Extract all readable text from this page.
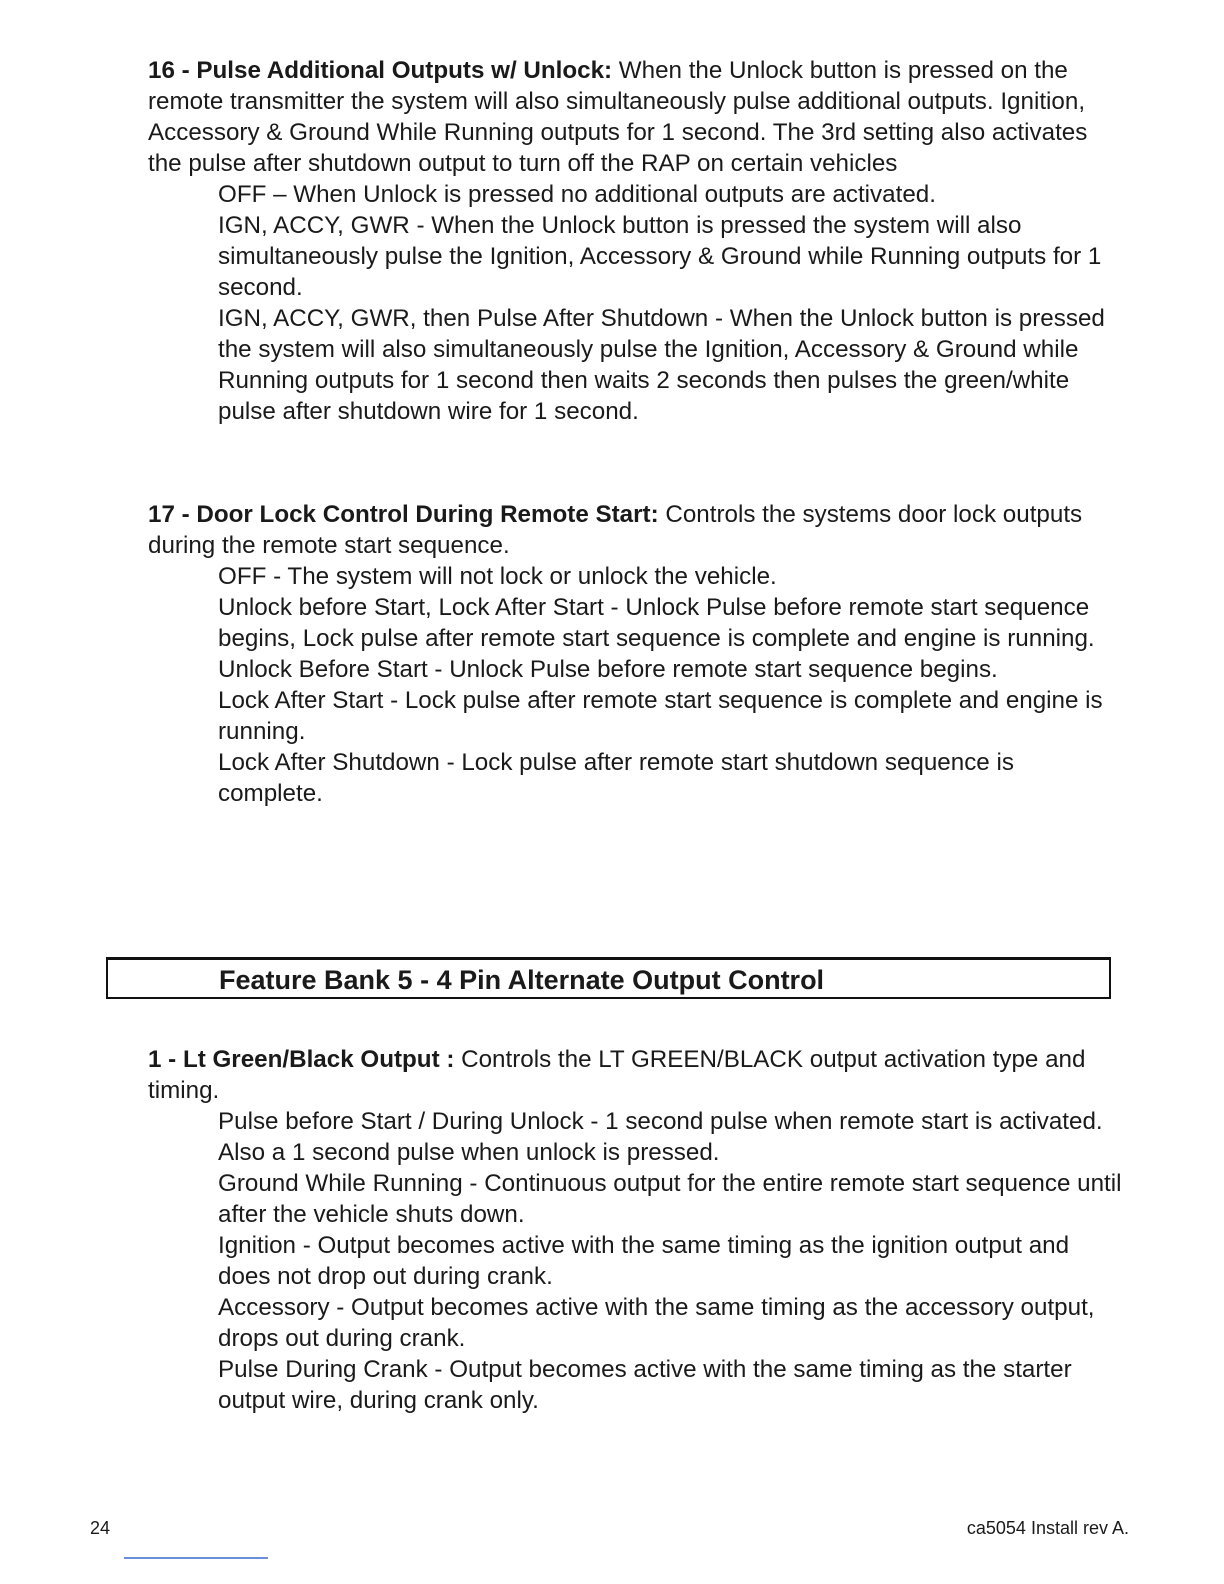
16 - Pulse Additional Outputs w/ Unlock: When the Unlock button is pressed on the remote transmitter the system will also simultaneously pulse additional outputs. Ignition, Accessory & Ground While Running outputs for 1 second. The 3rd setting also activates the pulse after shutdown output to turn off the RAP on certain vehicles

OFF – When Unlock is pressed no additional outputs are activated.

IGN, ACCY, GWR - When the Unlock button is pressed the system will also simultaneously pulse the Ignition, Accessory & Ground while Running outputs for 1 second.

IGN, ACCY, GWR, then Pulse After Shutdown - When the Unlock button is pressed the system will also simultaneously pulse the Ignition, Accessory & Ground while Running outputs for 1 second then waits 2 seconds then pulses the green/white pulse after shutdown wire for 1 second.

17 - Door Lock Control During Remote Start: Controls the systems door lock outputs during the remote start sequence.

OFF - The system will not lock or unlock the vehicle.

Unlock before Start, Lock After Start - Unlock Pulse before remote start sequence begins, Lock pulse after remote start sequence is complete and engine is running.

Unlock Before Start - Unlock Pulse before remote start sequence begins.

Lock After Start - Lock pulse after remote start sequence is complete and engine is running.

Lock After Shutdown - Lock pulse after remote start shutdown sequence is complete.

Feature Bank 5 - 4 Pin Alternate Output Control

1 - Lt Green/Black Output : Controls the LT GREEN/BLACK output activation type and timing.

Pulse before Start / During Unlock - 1 second pulse when remote start is activated. Also a 1 second pulse when unlock is pressed.

Ground While Running - Continuous output for the entire remote start sequence until after the vehicle shuts down.

Ignition - Output becomes active with the same timing as the ignition output and does not drop out during crank.

Accessory - Output becomes active with the same timing as the accessory output, drops out during crank.

Pulse During Crank - Output becomes active with the same timing as the starter output wire, during crank only.

24	ca5054 Install rev A.
